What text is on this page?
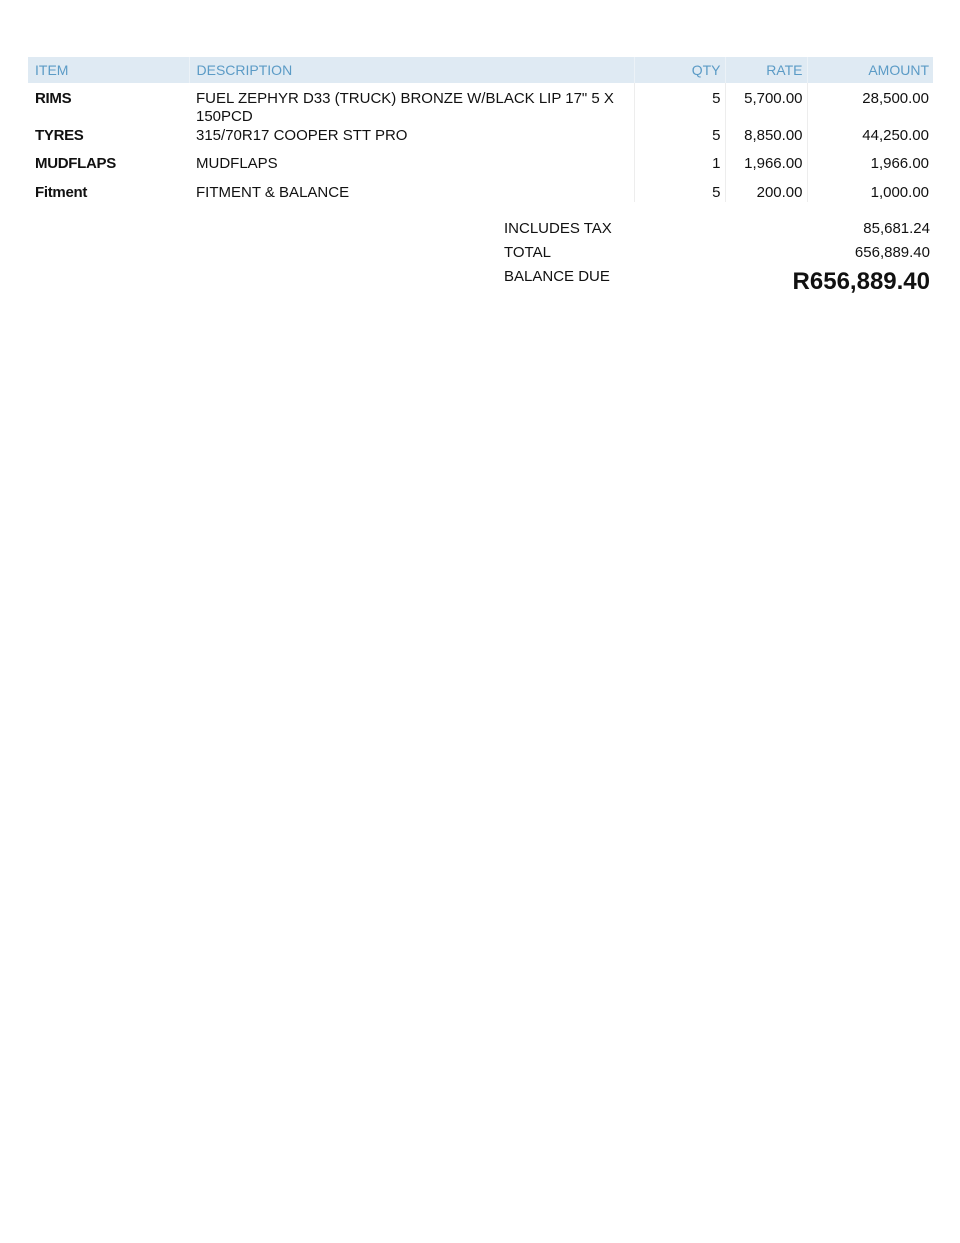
ITEM	DESCRIPTION	QTY	RATE	AMOUNT
RIMS	FUEL ZEPHYR D33 (TRUCK) BRONZE W/BLACK LIP 17" 5 X 150PCD	5	5,700.00	28,500.00
TYRES	315/70R17 COOPER STT PRO	5	8,850.00	44,250.00
MUDFLAPS	MUDFLAPS	1	1,966.00	1,966.00
Fitment	FITMENT & BALANCE	5	200.00	1,000.00
INCLUDES TAX	85,681.24
TOTAL	656,889.40
BALANCE DUE	R656,889.40
